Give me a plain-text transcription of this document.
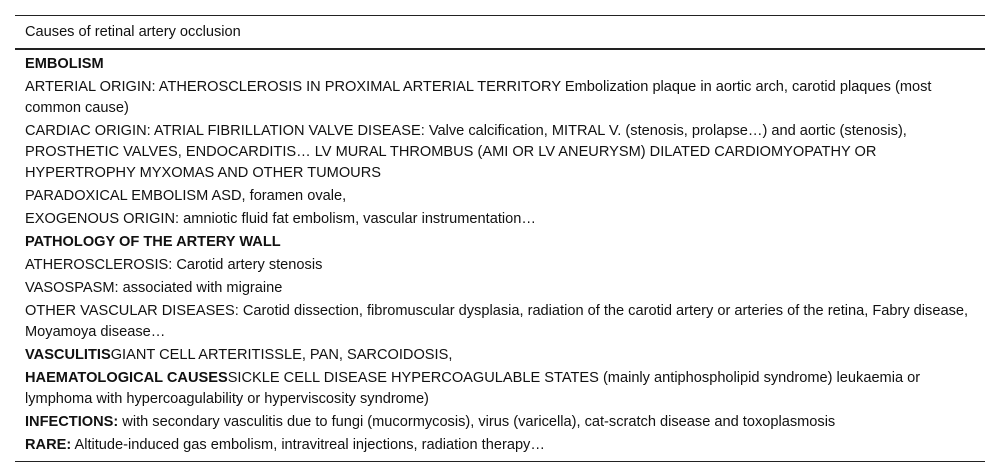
Causes of retinal artery occlusion
EMBOLISM
ARTERIAL ORIGIN: ATHEROSCLEROSIS IN PROXIMAL ARTERIAL TERRITORY Embolization plaque in aortic arch, carotid plaques (most common cause)
CARDIAC ORIGIN: ATRIAL FIBRILLATION VALVE DISEASE: Valve calcification, MITRAL V. (stenosis, prolapse…) and aortic (stenosis), PROSTHETIC VALVES, ENDOCARDITIS… LV MURAL THROMBUS (AMI OR LV ANEURYSM) DILATED CARDIOMYOPATHY OR HYPERTROPHY MYXOMAS AND OTHER TUMOURS
PARADOXICAL EMBOLISM ASD, foramen ovale,
EXOGENOUS ORIGIN: amniotic fluid fat embolism, vascular instrumentation…
PATHOLOGY OF THE ARTERY WALL
ATHEROSCLEROSIS: Carotid artery stenosis
VASOSPASM: associated with migraine
OTHER VASCULAR DISEASES: Carotid dissection, fibromuscular dysplasia, radiation of the carotid artery or arteries of the retina, Fabry disease, Moyamoya disease…
VASCULITISGIANT CELL ARTERITISSLE, PAN, SARCOIDOSIS,
HAEMATOLOGICAL CAUSESSICKLE CELL DISEASE HYPERCOAGULABLE STATES (mainly antiphospholipid syndrome) leukaemia or lymphoma with hypercoagulability or hyperviscosity syndrome)
INFECTIONS: with secondary vasculitis due to fungi (mucormycosis), virus (varicella), cat-scratch disease and toxoplasmosis
RARE: Altitude-induced gas embolism, intravitreal injections, radiation therapy…
